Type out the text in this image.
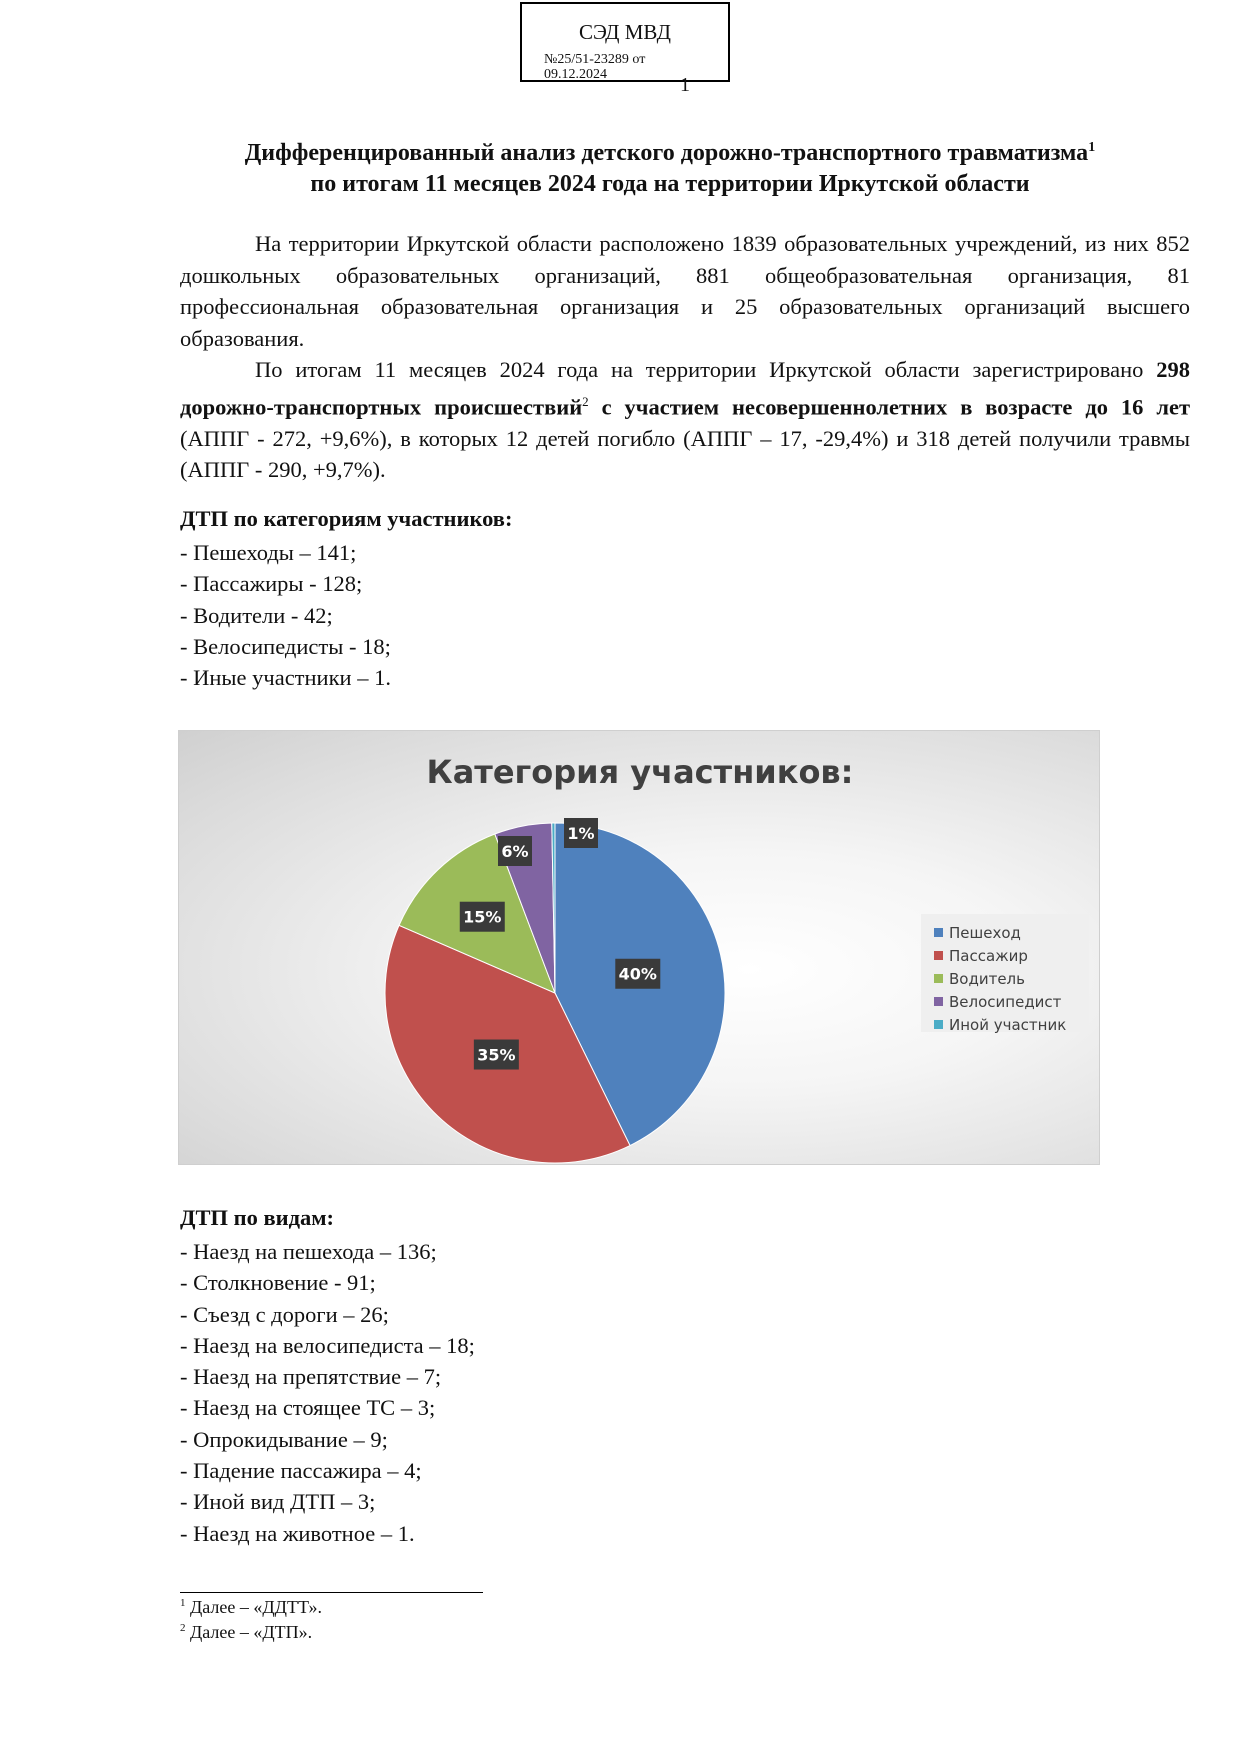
СЭД МВД
№25/51-23289 от
09.12.2024	1
Дифференцированный анализ детского дорожно-транспортного травматизма$^1$
по итогам 11 месяцев 2024 года на территории Иркутской области
На территории Иркутской области расположено 1839 образовательных учреждений, из них 852 дошкольных образовательных организаций, 881 общеобразовательная организация, 81 профессиональная образовательная организация и 25 образовательных организаций высшего образования.
По итогам 11 месяцев 2024 года на территории Иркутской области зарегистрировано 298 дорожно-транспортных происшествий$^2$ с участием несовершеннолетних в возрасте до 16 лет (АППГ - 272, +9,6%), в которых 12 детей погибло (АППГ – 17, -29,4%) и 318 детей получили травмы (АППГ - 290, +9,7%).
ДТП по категориям участников:
- Пешеходы – 141;
- Пассажиры - 128;
- Водители - 42;
- Велосипедисты - 18;
- Иные участники – 1.
Категория участников:
40%
35%
15%
6%
1%
Пешеход
Пассажир
Водитель
Велосипедист
Иной участник
ДТП по видам:
- Наезд на пешехода – 136;
- Столкновение - 91;
- Съезд с дороги – 26;
- Наезд на велосипедиста – 18;
- Наезд на препятствие – 7;
- Наезд на стоящее ТС – 3;
- Опрокидывание – 9;
- Падение пассажира – 4;
- Иной вид ДТП – 3;
- Наезд на животное – 1.
$^1$ Далее – «ДДТТ».
$^2$ Далее – «ДТП».
